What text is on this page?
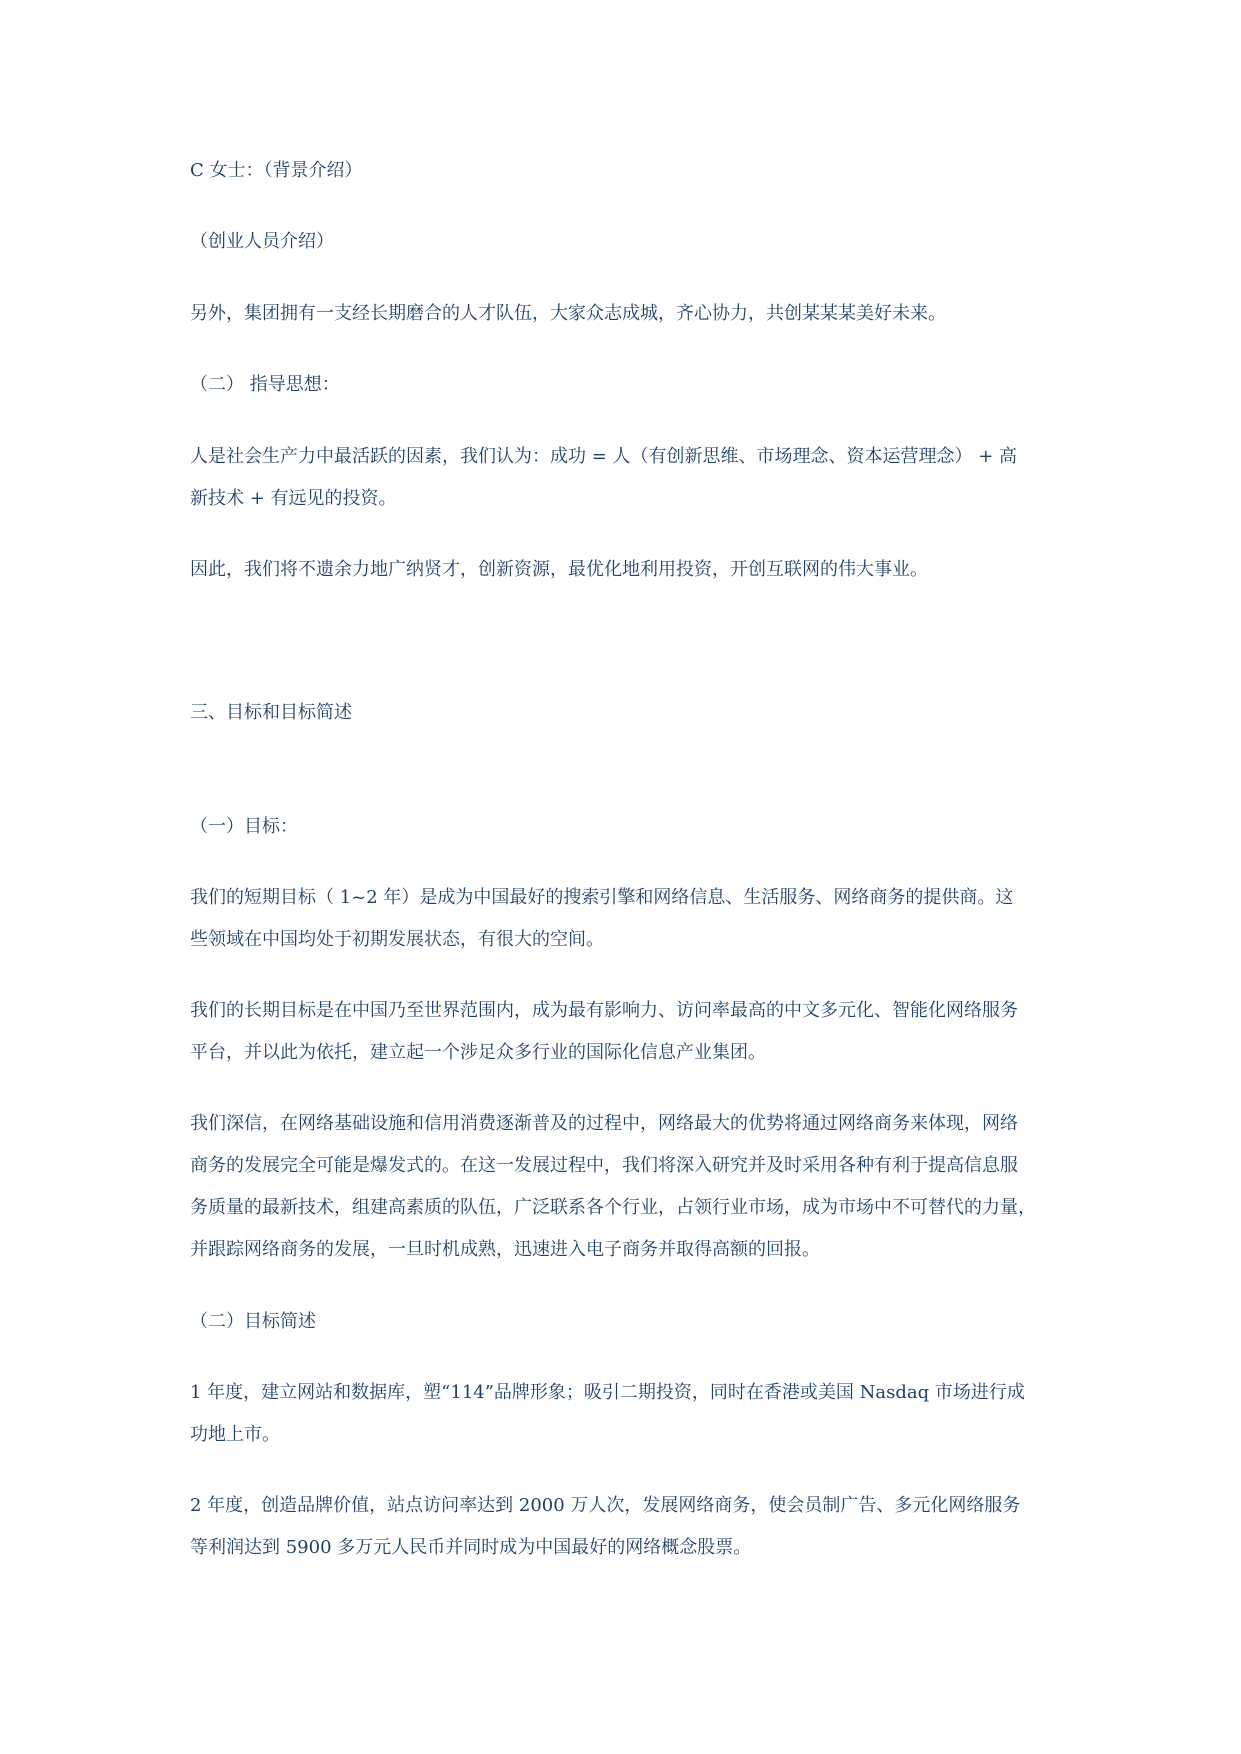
C 女士：（背景介绍）

（创业人员介绍）

另外，集团拥有一支经长期磨合的人才队伍，大家众志成城，齐心协力，共创某某某美好未来。

（二） 指导思想：

人是社会生产力中最活跃的因素，我们认为：成功 = 人（有创新思维、市场理念、资本运营理念） + 高

新技术 + 有远见的投资。

因此，我们将不遗余力地广纳贤才，创新资源，最优化地利用投资，开创互联网的伟大事业。

三、目标和目标简述

（一）目标：

我们的短期目标（ 1~2 年）是成为中国最好的搜索引擎和网络信息、生活服务、网络商务的提供商。这

些领域在中国均处于初期发展状态，有很大的空间。

我们的长期目标是在中国乃至世界范围内，成为最有影响力、访问率最高的中文多元化、智能化网络服务

平台，并以此为依托，建立起一个涉足众多行业的国际化信息产业集团。

我们深信，在网络基础设施和信用消费逐渐普及的过程中，网络最大的优势将通过网络商务来体现，网络

商务的发展完全可能是爆发式的。在这一发展过程中，我们将深入研究并及时采用各种有利于提高信息服

务质量的最新技术，组建高素质的队伍，广泛联系各个行业，占领行业市场，成为市场中不可替代的力量，

并跟踪网络商务的发展，一旦时机成熟，迅速进入电子商务并取得高额的回报。

（二）目标简述

1 年度，建立网站和数据库，塑“114”品牌形象；吸引二期投资，同时在香港或美国 Nasdaq 市场进行成

功地上市。

2 年度，创造品牌价值，站点访问率达到 2000 万人次，发展网络商务，使会员制广告、多元化网络服务

等利润达到 5900 多万元人民币并同时成为中国最好的网络概念股票。
